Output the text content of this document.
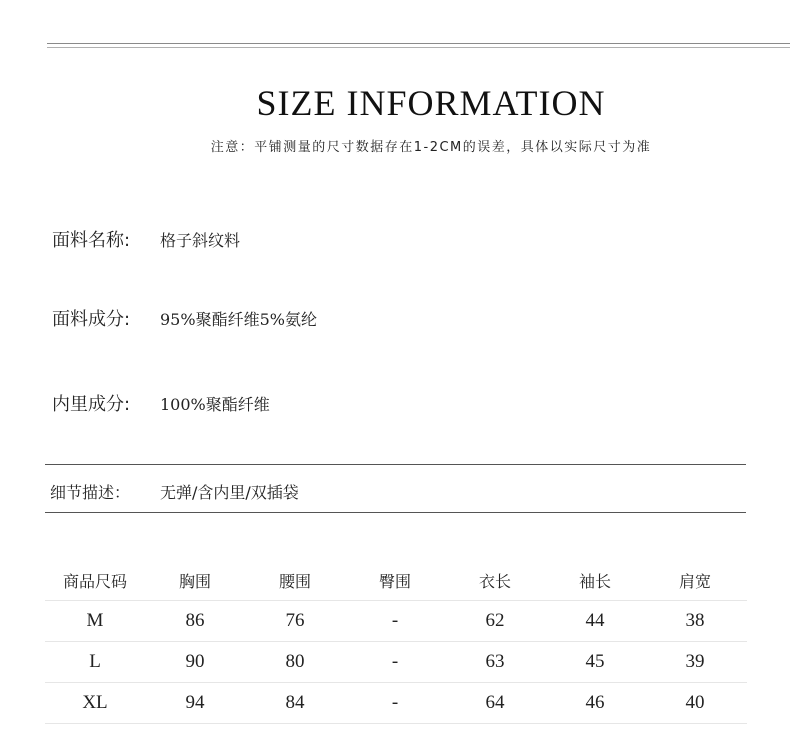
SIZE INFORMATION
注意：平铺测量的尺寸数据存在1-2CM的误差，具体以实际尺寸为准
面料名称:	格子斜纹料
面料成分:	95%聚酯纤维5%氨纶
内里成分:	100%聚酯纤维
细节描述：	无弹/含内里/双插袋
商品尺码	胸围	腰围	臀围	衣长	袖长	肩宽
M	86	76	-	62	44	38
L	90	80	-	63	45	39
XL	94	84	-	64	46	40
